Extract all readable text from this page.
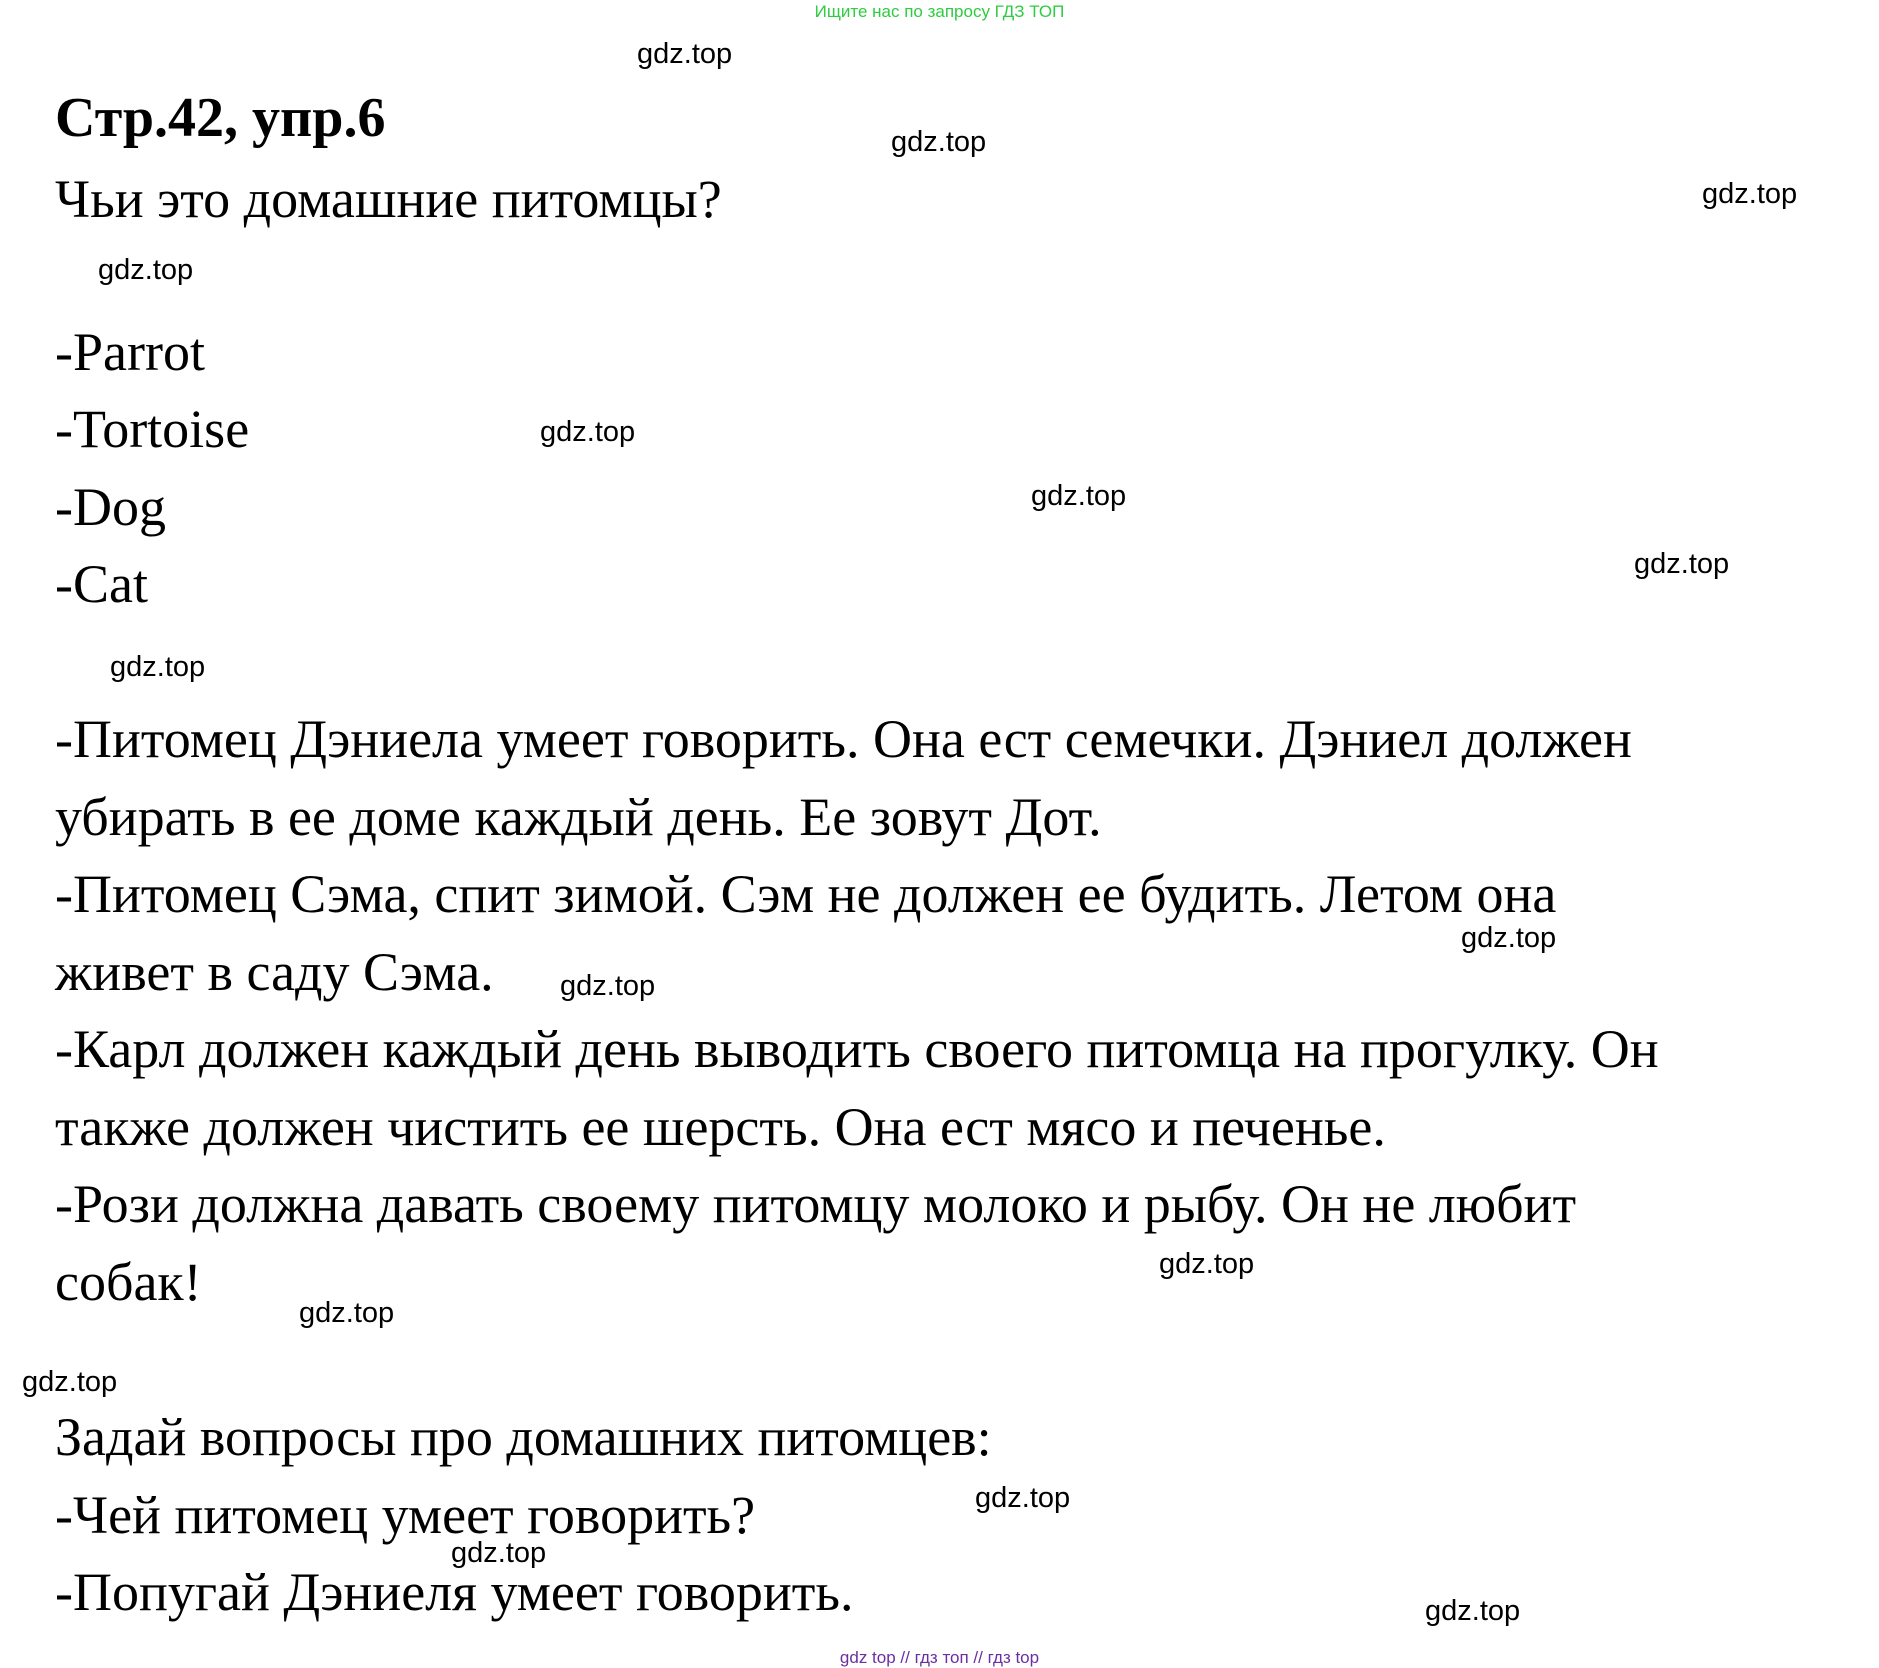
Ищите нас по запросу ГДЗ ТОП
Стр.42, упр.6
Чьи это домашние питомцы?
-Parrot
-Tortoise
-Dog
-Cat
-Питомец Дэниела умеет говорить. Она ест семечки. Дэниел должен
убирать в ее доме каждый день. Ее зовут Дот.
-Питомец Сэма, спит зимой. Сэм не должен ее будить. Летом она
живет в саду Сэма.
-Карл должен каждый день выводить своего питомца на прогулку. Он
также должен чистить ее шерсть. Она ест мясо и печенье.
-Рози должна давать своему питомцу молоко и рыбу. Он не любит
собак!
Задай вопросы про домашних питомцев:
-Чей питомец умеет говорить?
-Попугай Дэниеля умеет говорить.
gdz.top
gdz.top
gdz.top
gdz.top
gdz.top
gdz.top
gdz.top
gdz.top
gdz.top
gdz.top
gdz.top
gdz.top
gdz.top
gdz.top
gdz.top
gdz.top
gdz top // гдз топ // гдз top
